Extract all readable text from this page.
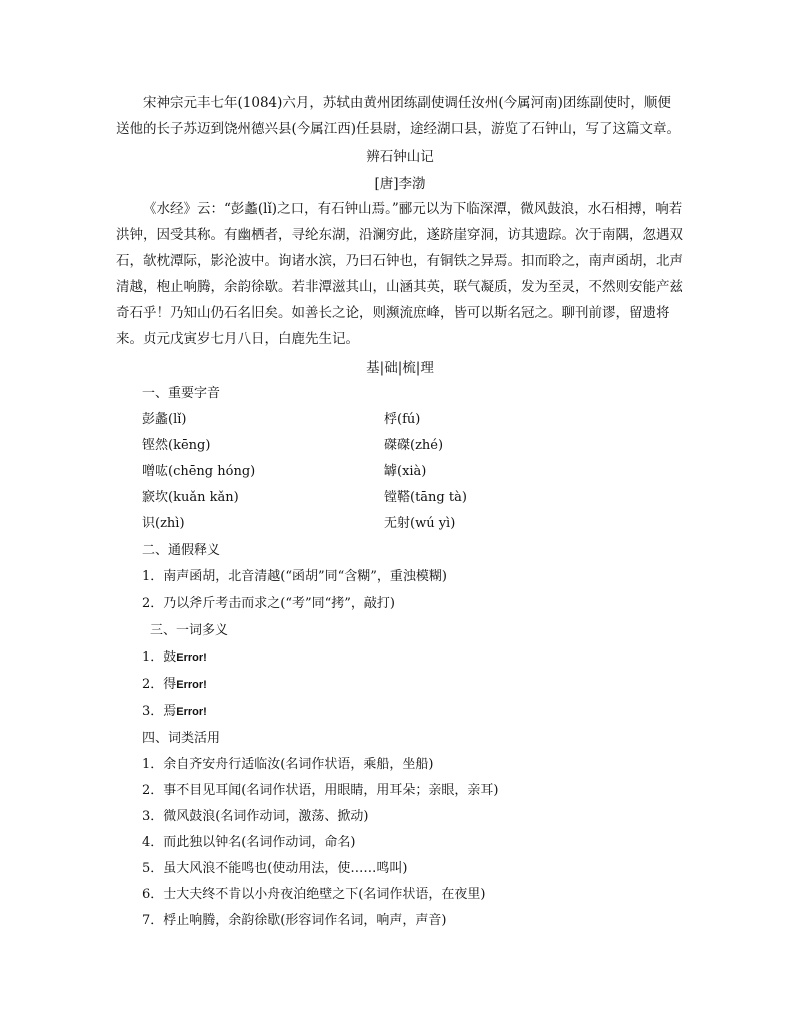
宋神宗元丰七年(1084)六月，苏轼由黄州团练副使调任汝州(今属河南)团练副使时，顺便送他的长子苏迈到饶州德兴县(今属江西)任县尉，途经湖口县，游览了石钟山，写了这篇文章。

辨石钟山记
[唐]李渤

《水经》云：“彭蠡(lǐ)之口，有石钟山焉。”郦元以为下临深潭，微风鼓浪，水石相搏，响若洪钟，因受其称。有幽栖者，寻纶东湖，沿澜穷此，遂跻崖穿洞，访其遗踪。次于南隅，忽遇双石，欹枕潭际，影沦波中。询诸水滨，乃曰石钟也，有铜铁之异焉。扣而聆之，南声函胡，北声清越，枹止响腾，余韵徐歇。若非潭滋其山，山涵其英，联气凝质，发为至灵，不然则安能产兹奇石乎！乃知山仍石名旧矣。如善长之论，则濒流庶峰，皆可以斯名冠之。聊刊前谬，留遗将来。贞元戊寅岁七月八日，白鹿先生记。

基|础|梳|理
一、重要字音
彭蠡(lǐ)	桴(fú)
铿然(kēng)	磔磔(zhé)
噌吰(chēng hóng)	罅(xià)
窾坎(kuǎn kǎn)	镗鞳(tāng tà)
识(zhì)	无射(wú yì)
二、通假释义
1．南声函胡，北音清越(“函胡”同“含糊”，重浊模糊)
2．乃以斧斤考击而求之(“考”同“拷”，敲打)
三、一词多义
1．鼓Error!
2．得Error!
3．焉Error!
四、词类活用
1．余自齐安舟行适临汝(名词作状语，乘船，坐船)
2．事不目见耳闻(名词作状语，用眼睛，用耳朵；亲眼，亲耳)
3．微风鼓浪(名词作动词，激荡、掀动)
4．而此独以钟名(名词作动词，命名)
5．虽大风浪不能鸣也(使动用法，使……鸣叫)
6．士大夫终不肯以小舟夜泊绝壁之下(名词作状语，在夜里)
7．桴止响腾，余韵徐歇(形容词作名词，响声，声音)
